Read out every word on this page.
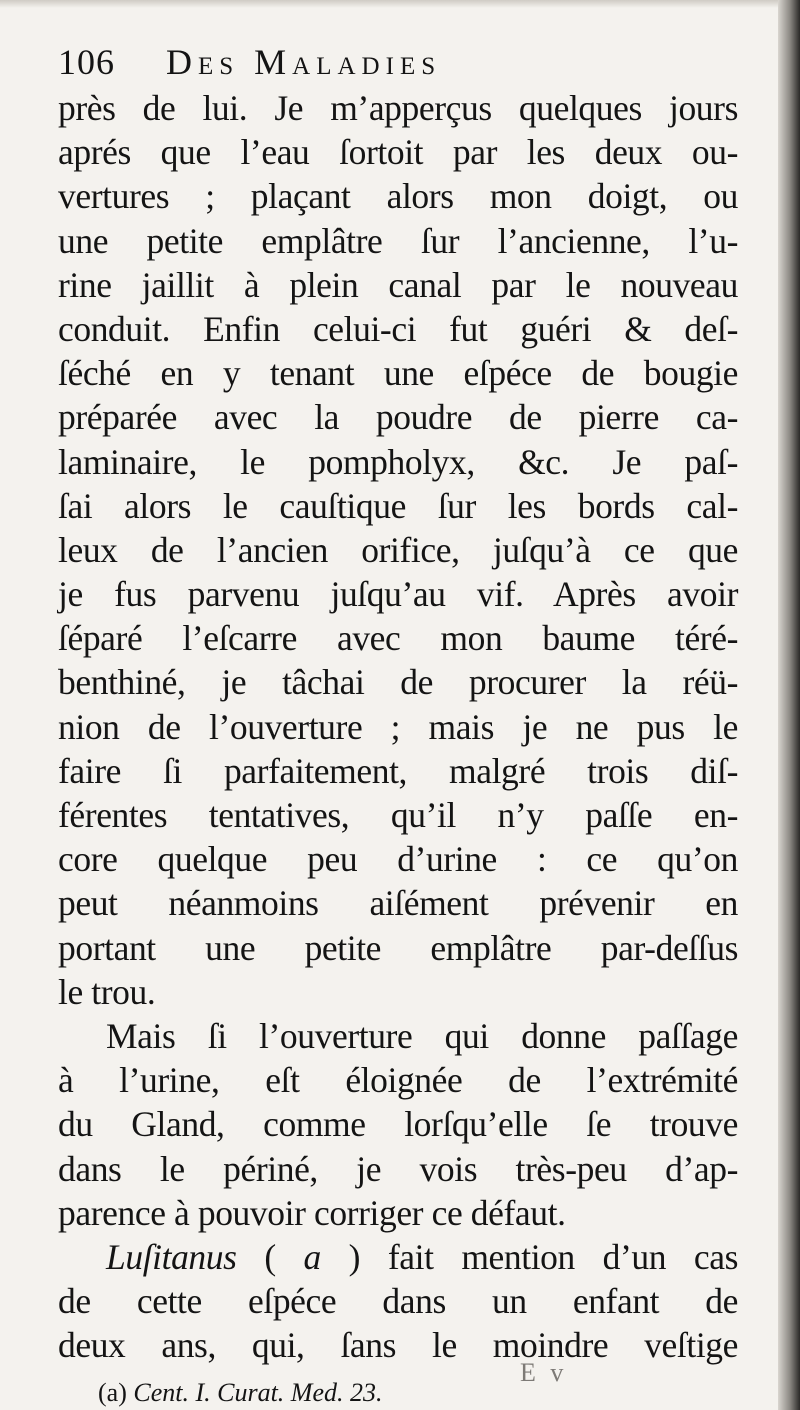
106 Des Maladies
près de lui. Je m’apperçus quelques jours
aprés que l’eau ſortoit par les deux ou-
vertures ; plaçant alors mon doigt, ou
une petite emplâtre ſur l’ancienne, l’u-
rine jaillit à plein canal par le nouveau
conduit. Enfin celui-ci fut guéri & deſ-
ſéché en y tenant une eſpéce de bougie
préparée avec la poudre de pierre ca-
laminaire, le pompholyx, &c. Je paſ-
ſai alors le cauſtique ſur les bords cal-
leux de l’ancien orifice, juſqu’à ce que
je fus parvenu juſqu’au vif. Après avoir
ſéparé l’eſcarre avec mon baume téré-
benthiné, je tâchai de procurer la réü-
nion de l’ouverture ; mais je ne pus le
faire ſi parfaitement, malgré trois diſ-
férentes tentatives, qu’il n’y paſſe en-
core quelque peu d’urine : ce qu’on
peut néanmoins aiſément prévenir en
portant une petite emplâtre par-deſſus
le trou.
Mais ſi l’ouverture qui donne paſſage
à l’urine, eſt éloignée de l’extrémité
du Gland, comme lorſqu’elle ſe trouve
dans le périné, je vois très-peu d’ap-
parence à pouvoir corriger ce défaut.
Luſitanus ( a ) fait mention d’un cas
de cette eſpéce dans un enfant de
deux ans, qui, ſans le moindre veſtige
(a) Cent. I. Curat. Med. 23.
E v
